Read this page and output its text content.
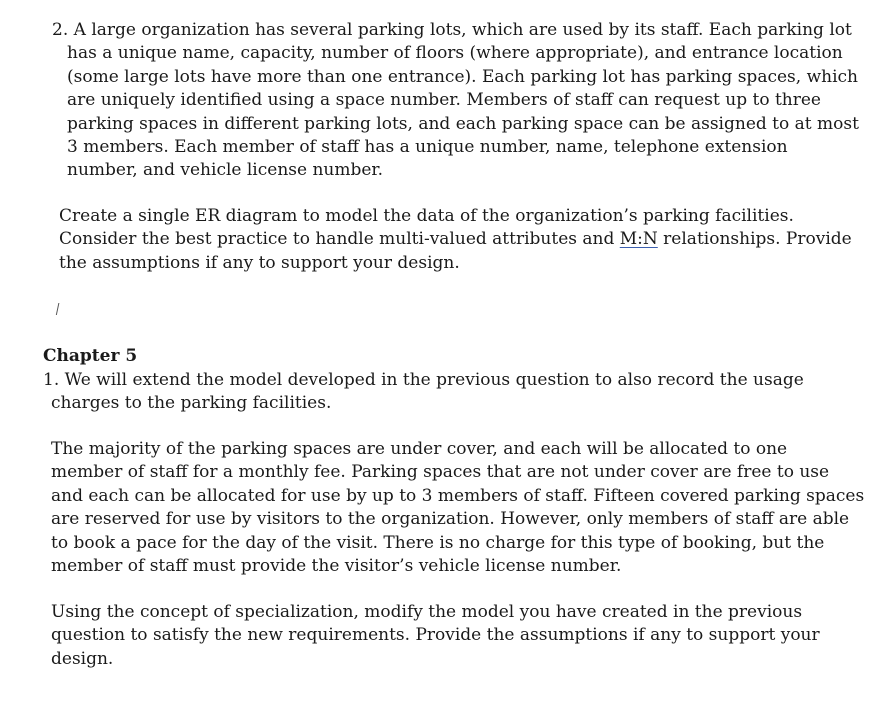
2. A large organization has several parking lots, which are used by its staff. Each parking lot
has a unique name, capacity, number of floors (where appropriate), and entrance location
(some large lots have more than one entrance). Each parking lot has parking spaces, which
are uniquely identified using a space number. Members of staff can request up to three
parking spaces in different parking lots, and each parking space can be assigned to at most
3 members. Each member of staff has a unique number, name, telephone extension
number, and vehicle license number.
Create a single ER diagram to model the data of the organization’s parking facilities.
Consider the best practice to handle multi-valued attributes and M:N relationships. Provide
the assumptions if any to support your design.
Chapter 5
1. We will extend the model developed in the previous question to also record the usage
charges to the parking facilities.
The majority of the parking spaces are under cover, and each will be allocated to one
member of staff for a monthly fee. Parking spaces that are not under cover are free to use
and each can be allocated for use by up to 3 members of staff. Fifteen covered parking spaces
are reserved for use by visitors to the organization. However, only members of staff are able
to book a pace for the day of the visit. There is no charge for this type of booking, but the
member of staff must provide the visitor’s vehicle license number.
Using the concept of specialization, modify the model you have created in the previous
question to satisfy the new requirements. Provide the assumptions if any to support your
design.
